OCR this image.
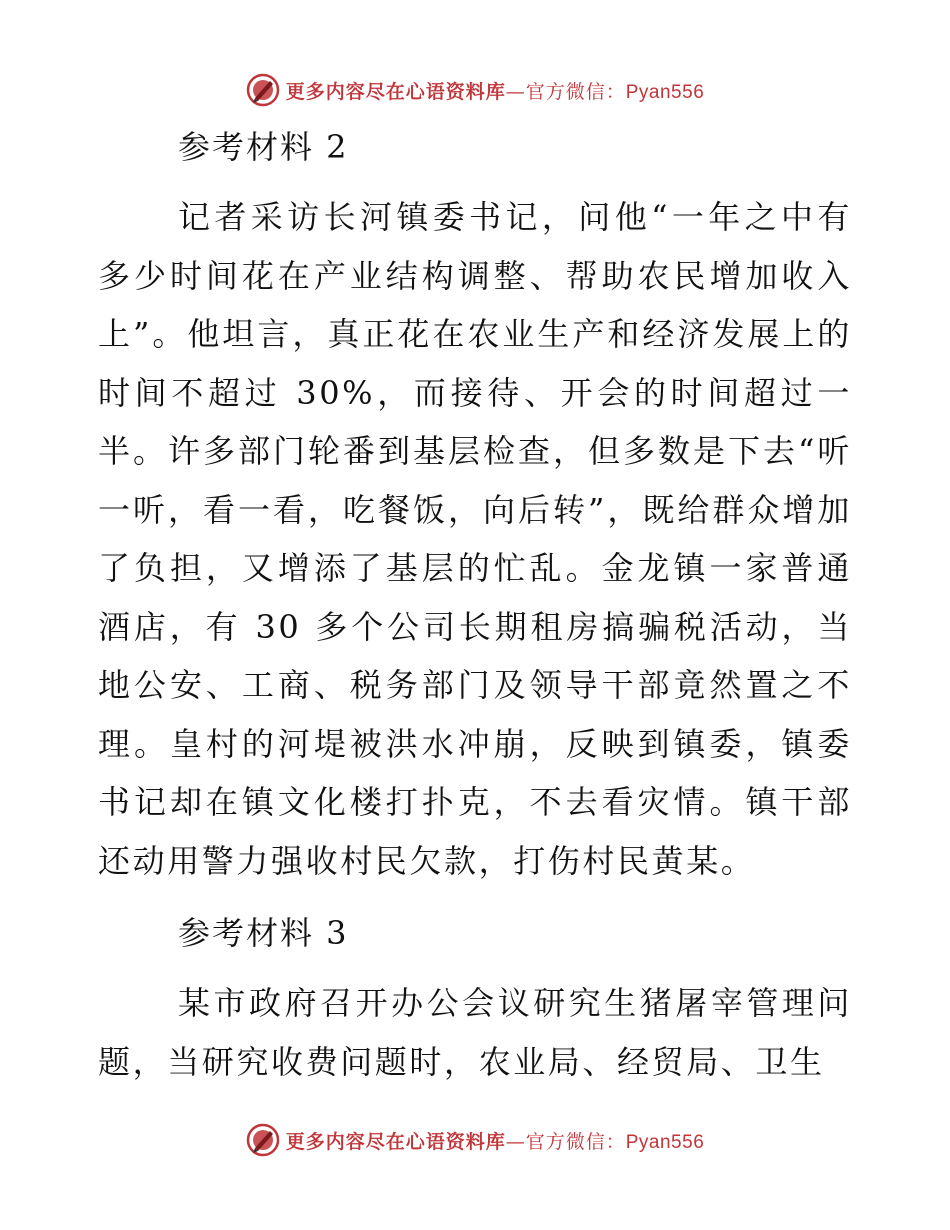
更多内容尽在心语资料库—官方微信：Pyan556

参考材料 2

记者采访长河镇委书记，问他“一年之中有多少时间花在产业结构调整、帮助农民增加收入上”。他坦言，真正花在农业生产和经济发展上的时间不超过 30%，而接待、开会的时间超过一半。许多部门轮番到基层检查，但多数是下去“听一听，看一看，吃餐饭，向后转”，既给群众增加了负担，又增添了基层的忙乱。金龙镇一家普通酒店，有 30 多个公司长期租房搞骗税活动，当地公安、工商、税务部门及领导干部竟然置之不理。皇村的河堤被洪水冲崩，反映到镇委，镇委书记却在镇文化楼打扑克，不去看灾情。镇干部还动用警力强收村民欠款，打伤村民黄某。

参考材料 3

某市政府召开办公会议研究生猪屠宰管理问题，当研究收费问题时，农业局、经贸局、卫生

更多内容尽在心语资料库—官方微信：Pyan556
